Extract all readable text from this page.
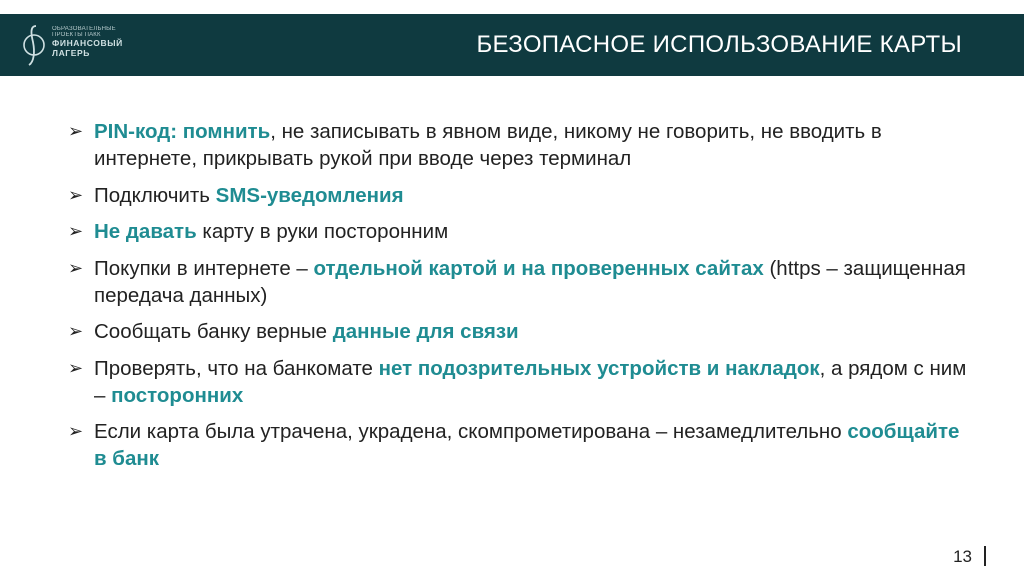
ОБРАЗОВАТЕЛЬНЫЕ
ПРОЕКТЫ ПАКК
ФИНАНСОВЫЙ
ЛАГЕРЬ	БЕЗОПАСНОЕ ИСПОЛЬЗОВАНИЕ КАРТЫ
➢ PIN-код: помнить, не записывать в явном виде, никому не говорить, не вводить в интернете, прикрывать рукой при вводе через терминал
➢ Подключить SMS-уведомления
➢ Не давать карту в руки посторонним
➢ Покупки в интернете – отдельной картой и на проверенных сайтах (https – защищенная передача данных)
➢ Сообщать банку верные данные для связи
➢ Проверять, что на банкомате нет подозрительных устройств и накладок, а рядом с ним – посторонних
➢ Если карта была утрачена, украдена, скомпрометирована – незамедлительно сообщайте в банк
13
